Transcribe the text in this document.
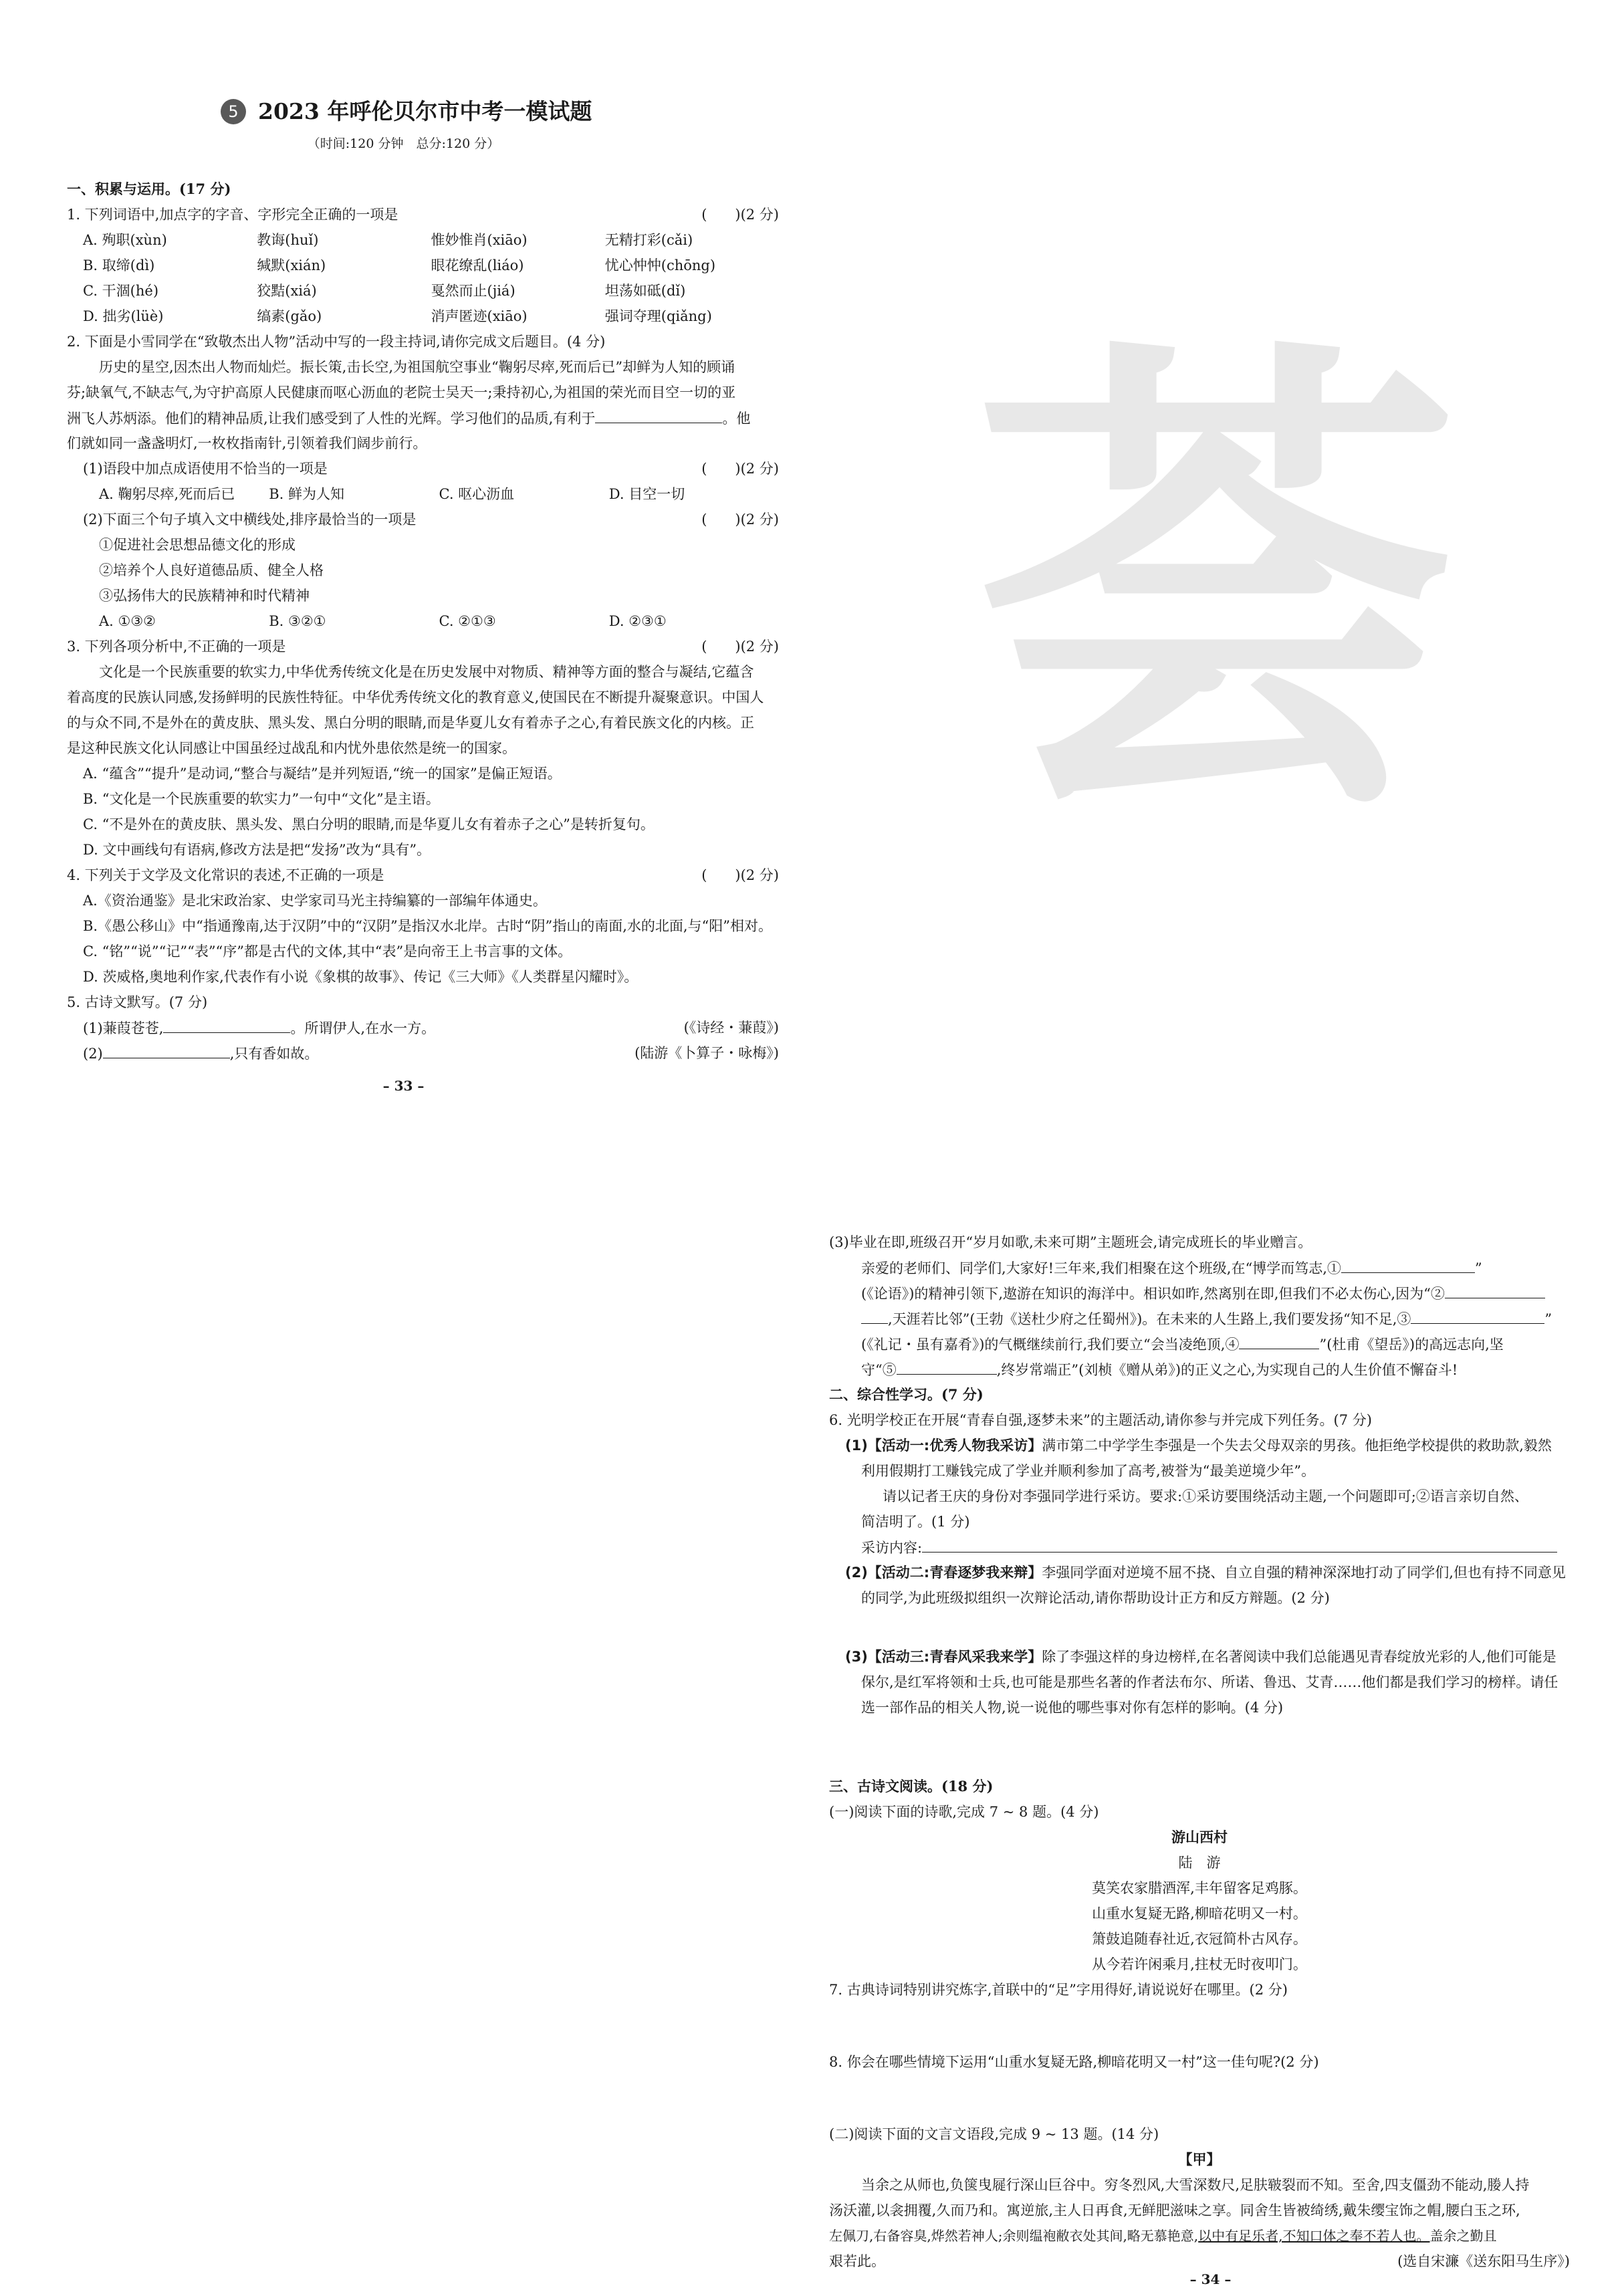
荟
5 2023 年呼伦贝尔市中考一模试题
（时间:120 分钟　总分:120 分）
一、积累与运用。(17 分)
1. 下列词语中,加点字的字音、字形完全正确的一项是	(　　)(2 分)
A. 殉职(xùn)	教诲(huǐ)	惟妙惟肖(xiāo)	无精打彩(cǎi)
B. 取缔(dì)	缄默(xián)	眼花缭乱(liáo)	忧心忡忡(chōng)
C. 干涸(hé)	狡黠(xiá)	戛然而止(jiá)	坦荡如砥(dǐ)
D. 拙劣(lüè)	缟素(gǎo)	消声匿迹(xiāo)	强词夺理(qiǎng)
2. 下面是小雪同学在“致敬杰出人物”活动中写的一段主持词,请你完成文后题目。(4 分)
历史的星空,因杰出人物而灿烂。振长策,击长空,为祖国航空事业“鞠躬尽瘁,死而后已”却鲜为人知的顾诵
芬;缺氧气,不缺志气,为守护高原人民健康而呕心沥血的老院士吴天一;秉持初心,为祖国的荣光而目空一切的亚
洲飞人苏炳添。他们的精神品质,让我们感受到了人性的光辉。学习他们的品质,有利于	。他
们就如同一盏盏明灯,一枚枚指南针,引领着我们阔步前行。
(1)语段中加点成语使用不恰当的一项是	(　　)(2 分)
A. 鞠躬尽瘁,死而后已	B. 鲜为人知	C. 呕心沥血	D. 目空一切
(2)下面三个句子填入文中横线处,排序最恰当的一项是	(　　)(2 分)
①促进社会思想品德文化的形成
②培养个人良好道德品质、健全人格
③弘扬伟大的民族精神和时代精神
A. ①③②	B. ③②①	C. ②①③	D. ②③①
3. 下列各项分析中,不正确的一项是	(　　)(2 分)
文化是一个民族重要的软实力,中华优秀传统文化是在历史发展中对物质、精神等方面的整合与凝结,它蕴含
着高度的民族认同感,发扬鲜明的民族性特征。中华优秀传统文化的教育意义,使国民在不断提升凝聚意识。中国人
的与众不同,不是外在的黄皮肤、黑头发、黑白分明的眼睛,而是华夏儿女有着赤子之心,有着民族文化的内核。正
是这种民族文化认同感让中国虽经过战乱和内忧外患依然是统一的国家。
A. “蕴含”“提升”是动词,“整合与凝结”是并列短语,“统一的国家”是偏正短语。
B. “文化是一个民族重要的软实力”一句中“文化”是主语。
C. “不是外在的黄皮肤、黑头发、黑白分明的眼睛,而是华夏儿女有着赤子之心”是转折复句。
D. 文中画线句有语病,修改方法是把“发扬”改为“具有”。
4. 下列关于文学及文化常识的表述,不正确的一项是	(　　)(2 分)
A.《资治通鉴》是北宋政治家、史学家司马光主持编纂的一部编年体通史。
B.《愚公移山》中“指通豫南,达于汉阴”中的“汉阴”是指汉水北岸。古时“阴”指山的南面,水的北面,与“阳”相对。
C. “铭”“说”“记”“表”“序”都是古代的文体,其中“表”是向帝王上书言事的文体。
D. 茨威格,奥地利作家,代表作有小说《象棋的故事》、传记《三大师》《人类群星闪耀时》。
5. 古诗文默写。(7 分)
(1)蒹葭苍苍,	。所谓伊人,在水一方。	(《诗经・蒹葭》)
(2)	,只有香如故。	(陆游《卜算子・咏梅》)
– 33 –
(3)毕业在即,班级召开“岁月如歌,未来可期”主题班会,请完成班长的毕业赠言。
亲爱的老师们、同学们,大家好!三年来,我们相聚在这个班级,在“博学而笃志,①	”
(《论语》)的精神引领下,遨游在知识的海洋中。相识如昨,然离别在即,但我们不必太伤心,因为“②
,天涯若比邻”(王勃《送杜少府之任蜀州》)。在未来的人生路上,我们要发扬“知不足,③	”
(《礼记・虽有嘉肴》)的气概继续前行,我们要立“会当凌绝顶,④	”(杜甫《望岳》)的高远志向,坚
守“⑤	,终岁常端正”(刘桢《赠从弟》)的正义之心,为实现自己的人生价值不懈奋斗!
二、综合性学习。(7 分)
6. 光明学校正在开展“青春自强,逐梦未来”的主题活动,请你参与并完成下列任务。(7 分)
(1)【活动一:优秀人物我采访】满市第二中学学生李强是一个失去父母双亲的男孩。他拒绝学校提供的救助款,毅然
利用假期打工赚钱完成了学业并顺利参加了高考,被誉为“最美逆境少年”。
请以记者王庆的身份对李强同学进行采访。要求:①采访要围绕活动主题,一个问题即可;②语言亲切自然、
简洁明了。(1 分)
采访内容:
(2)【活动二:青春逐梦我来辩】李强同学面对逆境不屈不挠、自立自强的精神深深地打动了同学们,但也有持不同意见
的同学,为此班级拟组织一次辩论活动,请你帮助设计正方和反方辩题。(2 分)
(3)【活动三:青春风采我来学】除了李强这样的身边榜样,在名著阅读中我们总能遇见青春绽放光彩的人,他们可能是
保尔,是红军将领和士兵,也可能是那些名著的作者法布尔、所诺、鲁迅、艾青……他们都是我们学习的榜样。请任
选一部作品的相关人物,说一说他的哪些事对你有怎样的影响。(4 分)
三、古诗文阅读。(18 分)
(一)阅读下面的诗歌,完成 7 ~ 8 题。(4 分)
游山西村
陆　游
莫笑农家腊酒浑,丰年留客足鸡豚。
山重水复疑无路,柳暗花明又一村。
箫鼓追随春社近,衣冠简朴古风存。
从今若许闲乘月,拄杖无时夜叩门。
7. 古典诗词特别讲究炼字,首联中的“足”字用得好,请说说好在哪里。(2 分)
8. 你会在哪些情境下运用“山重水复疑无路,柳暗花明又一村”这一佳句呢?(2 分)
(二)阅读下面的文言文语段,完成 9 ~ 13 题。(14 分)
【甲】
当余之从师也,负箧曳屣行深山巨谷中。穷冬烈风,大雪深数尺,足肤皲裂而不知。至舍,四支僵劲不能动,媵人持
汤沃灌,以衾拥覆,久而乃和。寓逆旅,主人日再食,无鲜肥滋味之享。同舍生皆被绮绣,戴朱缨宝饰之帽,腰白玉之环,
左佩刀,右备容臭,烨然若神人;余则缊袍敝衣处其间,略无慕艳意,以中有足乐者,不知口体之奉不若人也。盖余之勤且
艰若此。	(选自宋濂《送东阳马生序》)
– 34 –
